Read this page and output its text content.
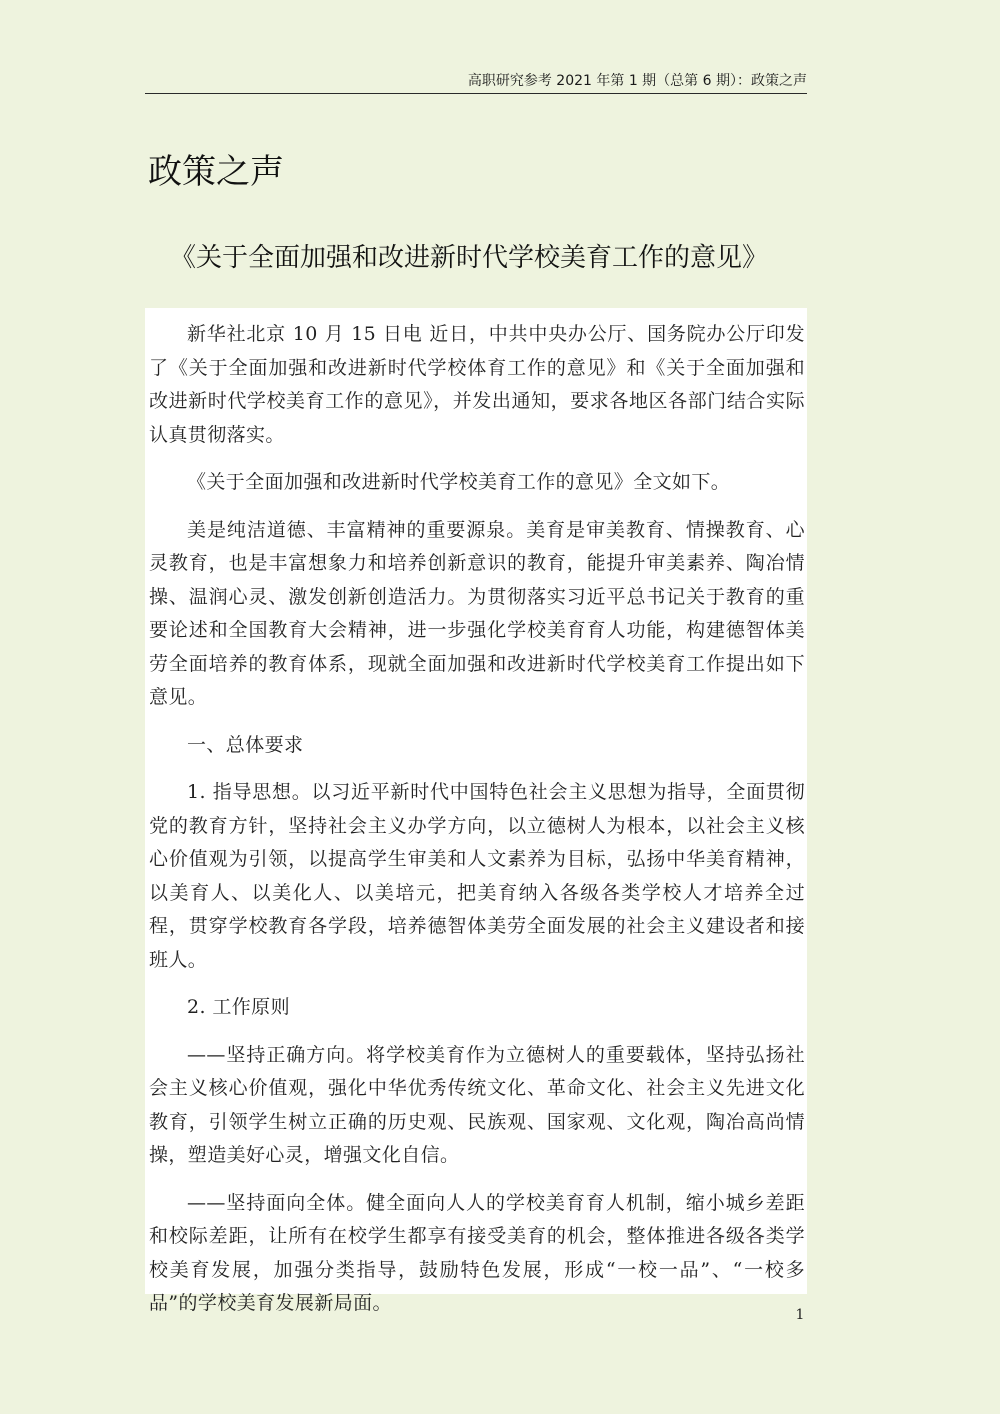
高职研究参考 2021 年第 1 期（总第 6 期）：政策之声
政策之声
《关于全面加强和改进新时代学校美育工作的意见》

新华社北京 10 月 15 日电 近日，中共中央办公厅、国务院办公厅印发了《关于全面加强和改进新时代学校体育工作的意见》和《关于全面加强和改进新时代学校美育工作的意见》，并发出通知，要求各地区各部门结合实际认真贯彻落实。

《关于全面加强和改进新时代学校美育工作的意见》全文如下。

美是纯洁道德、丰富精神的重要源泉。美育是审美教育、情操教育、心灵教育，也是丰富想象力和培养创新意识的教育，能提升审美素养、陶冶情操、温润心灵、激发创新创造活力。为贯彻落实习近平总书记关于教育的重要论述和全国教育大会精神，进一步强化学校美育育人功能，构建德智体美劳全面培养的教育体系，现就全面加强和改进新时代学校美育工作提出如下意见。

一、总体要求

1. 指导思想。以习近平新时代中国特色社会主义思想为指导，全面贯彻党的教育方针，坚持社会主义办学方向，以立德树人为根本，以社会主义核心价值观为引领，以提高学生审美和人文素养为目标，弘扬中华美育精神，以美育人、以美化人、以美培元，把美育纳入各级各类学校人才培养全过程，贯穿学校教育各学段，培养德智体美劳全面发展的社会主义建设者和接班人。

2. 工作原则

——坚持正确方向。将学校美育作为立德树人的重要载体，坚持弘扬社会主义核心价值观，强化中华优秀传统文化、革命文化、社会主义先进文化教育，引领学生树立正确的历史观、民族观、国家观、文化观，陶冶高尚情操，塑造美好心灵，增强文化自信。

——坚持面向全体。健全面向人人的学校美育育人机制，缩小城乡差距和校际差距，让所有在校学生都享有接受美育的机会，整体推进各级各类学校美育发展，加强分类指导，鼓励特色发展，形成“一校一品”、“一校多品”的学校美育发展新局面。

1
